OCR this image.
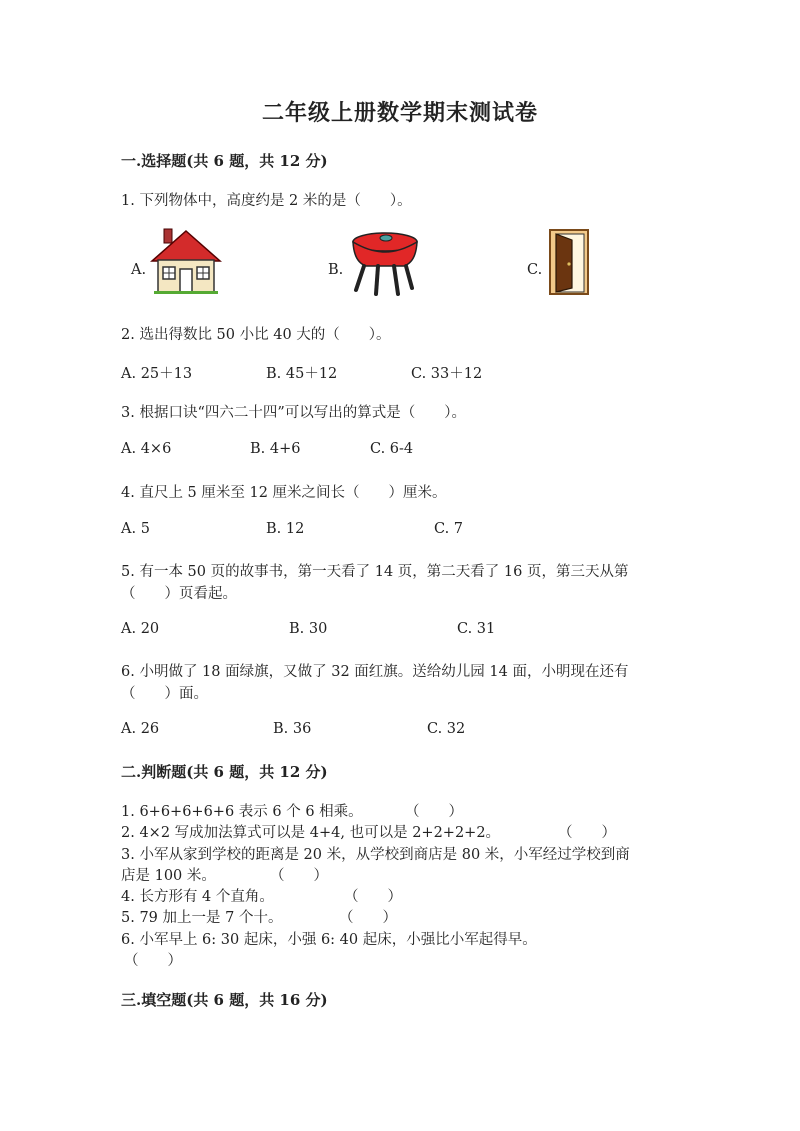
二年级上册数学期末测试卷
一.选择题(共 6 题，共 12 分)
1. 下列物体中，高度约是 2 米的是（　　）。
A.	B.	C.
2. 选出得数比 50 小比 40 大的（　　）。
A. 25＋13	B. 45＋12	C. 33＋12
3. 根据口诀“四六二十四”可以写出的算式是（　　）。
A. 4×6	B. 4+6	C. 6-4
4. 直尺上 5 厘米至 12 厘米之间长（　　）厘米。
A. 5	B. 12	C. 7
5. 有一本 50 页的故事书，第一天看了 14 页，第二天看了 16 页，第三天从第
（　　）页看起。
A. 20	B. 30	C. 31
6. 小明做了 18 面绿旗，又做了 32 面红旗。送给幼儿园 14 面，小明现在还有
（　　）面。
A. 26	B. 36	C. 32
二.判断题(共 6 题，共 12 分)
1. 6+6+6+6+6 表示 6 个 6 相乘。	（　　）
2. 4×2 写成加法算式可以是 4+4, 也可以是 2+2+2+2。	（　　）
3. 小军从家到学校的距离是 20 米，从学校到商店是 80 米，小军经过学校到商
店是 100 米。	（　　）
4. 长方形有 4 个直角。	（　　）
5. 79 加上一是 7 个十。	（　　）
6. 小军早上 6: 30 起床，小强 6: 40 起床，小强比小军起得早。
（　　）
三.填空题(共 6 题，共 16 分)
